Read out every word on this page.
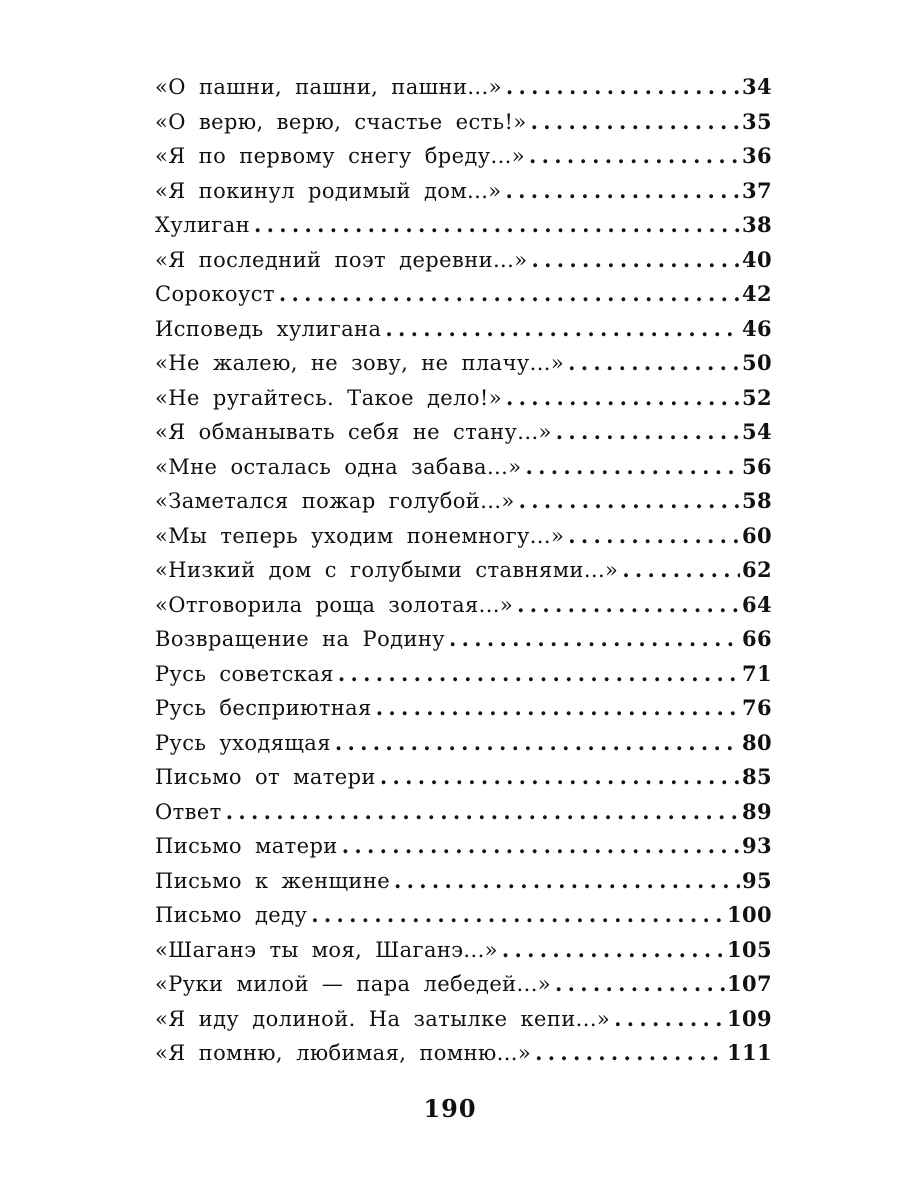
«О пашни, пашни, пашни...» . . .	34
«О верю, верю, счастье есть!» . . .	35
«Я по первому снегу бреду...» . . .	36
«Я покинул родимый дом...» . . .	37
Хулиган . . .	38
«Я последний поэт деревни...» . . .	40
Сорокоуст . . .	42
Исповедь хулигана . . .	46
«Не жалею, не зову, не плачу...» . . .	50
«Не ругайтесь. Такое дело!» . . .	52
«Я обманывать себя не стану...» . . .	54
«Мне осталась одна забава...» . . .	56
«Заметался пожар голубой...» . . .	58
«Мы теперь уходим понемногу...» . . .	60
«Низкий дом с голубыми ставнями...» . . .	62
«Отговорила роща золотая...» . . .	64
Возвращение на Родину . . .	66
Русь советская . . .	71
Русь бесприютная . . .	76
Русь уходящая . . .	80
Письмо от матери . . .	85
Ответ . . .	89
Письмо матери . . .	93
Письмо к женщине . . .	95
Письмо деду . . .	100
«Шаганэ ты моя, Шаганэ...» . . .	105
«Руки милой — пара лебедей...» . . .	107
«Я иду долиной. На затылке кепи...» . . .	109
«Я помню, любимая, помню...» . . .	111
190
